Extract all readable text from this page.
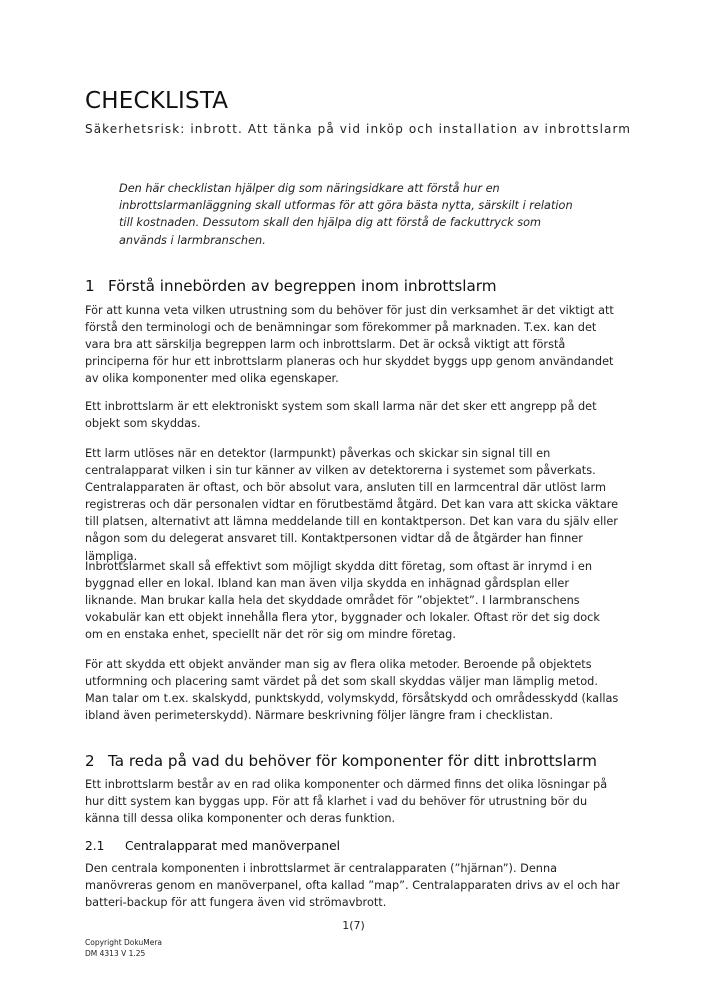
CHECKLISTA

Säkerhetsrisk: inbrott. Att tänka på vid inköp och installation av inbrottslarm

Den här checklistan hjälper dig som näringsidkare att förstå hur en inbrottslarmanläggning skall utformas för att göra bästa nytta, särskilt i relation till kostnaden. Dessutom skall den hjälpa dig att förstå de fackuttryck som används i larmbranschen.

1 Förstå innebörden av begreppen inom inbrottslarm

För att kunna veta vilken utrustning som du behöver för just din verksamhet är det viktigt att förstå den terminologi och de benämningar som förekommer på marknaden. T.ex. kan det vara bra att särskilja begreppen larm och inbrottslarm. Det är också viktigt att förstå principerna för hur ett inbrottslarm planeras och hur skyddet byggs upp genom användandet av olika komponenter med olika egenskaper.

Ett inbrottslarm är ett elektroniskt system som skall larma när det sker ett angrepp på det objekt som skyddas.

Ett larm utlöses när en detektor (larmpunkt) påverkas och skickar sin signal till en centralapparat vilken i sin tur känner av vilken av detektorerna i systemet som påverkats. Centralapparaten är oftast, och bör absolut vara, ansluten till en larmcentral där utlöst larm registreras och där personalen vidtar en förutbestämd åtgärd. Det kan vara att skicka väktare till platsen, alternativt att lämna meddelande till en kontaktperson. Det kan vara du själv eller någon som du delegerat ansvaret till. Kontaktpersonen vidtar då de åtgärder han finner lämpliga.

Inbrottslarmet skall så effektivt som möjligt skydda ditt företag, som oftast är inrymd i en byggnad eller en lokal. Ibland kan man även vilja skydda en inhägnad gårdsplan eller liknande. Man brukar kalla hela det skyddade området för ”objektet”. I larmbranschens vokabulär kan ett objekt innehålla flera ytor, byggnader och lokaler. Oftast rör det sig dock om en enstaka enhet, speciellt när det rör sig om mindre företag.

För att skydda ett objekt använder man sig av flera olika metoder. Beroende på objektets utformning och placering samt värdet på det som skall skyddas väljer man lämplig metod. Man talar om t.ex. skalskydd, punktskydd, volymskydd, försåtskydd och områdesskydd (kallas ibland även perimeterskydd). Närmare beskrivning följer längre fram i checklistan.

2 Ta reda på vad du behöver för komponenter för ditt inbrottslarm

Ett inbrottslarm består av en rad olika komponenter och därmed finns det olika lösningar på hur ditt system kan byggas upp. För att få klarhet i vad du behöver för utrustning bör du känna till dessa olika komponenter och deras funktion.

2.1 Centralapparat med manöverpanel

Den centrala komponenten i inbrottslarmet är centralapparaten (”hjärnan”). Denna manövreras genom en manöverpanel, ofta kallad ”map”. Centralapparaten drivs av el och har batteri-backup för att fungera även vid strömavbrott.

1(7)

Copyright DokuMera
DM 4313 V 1.25
